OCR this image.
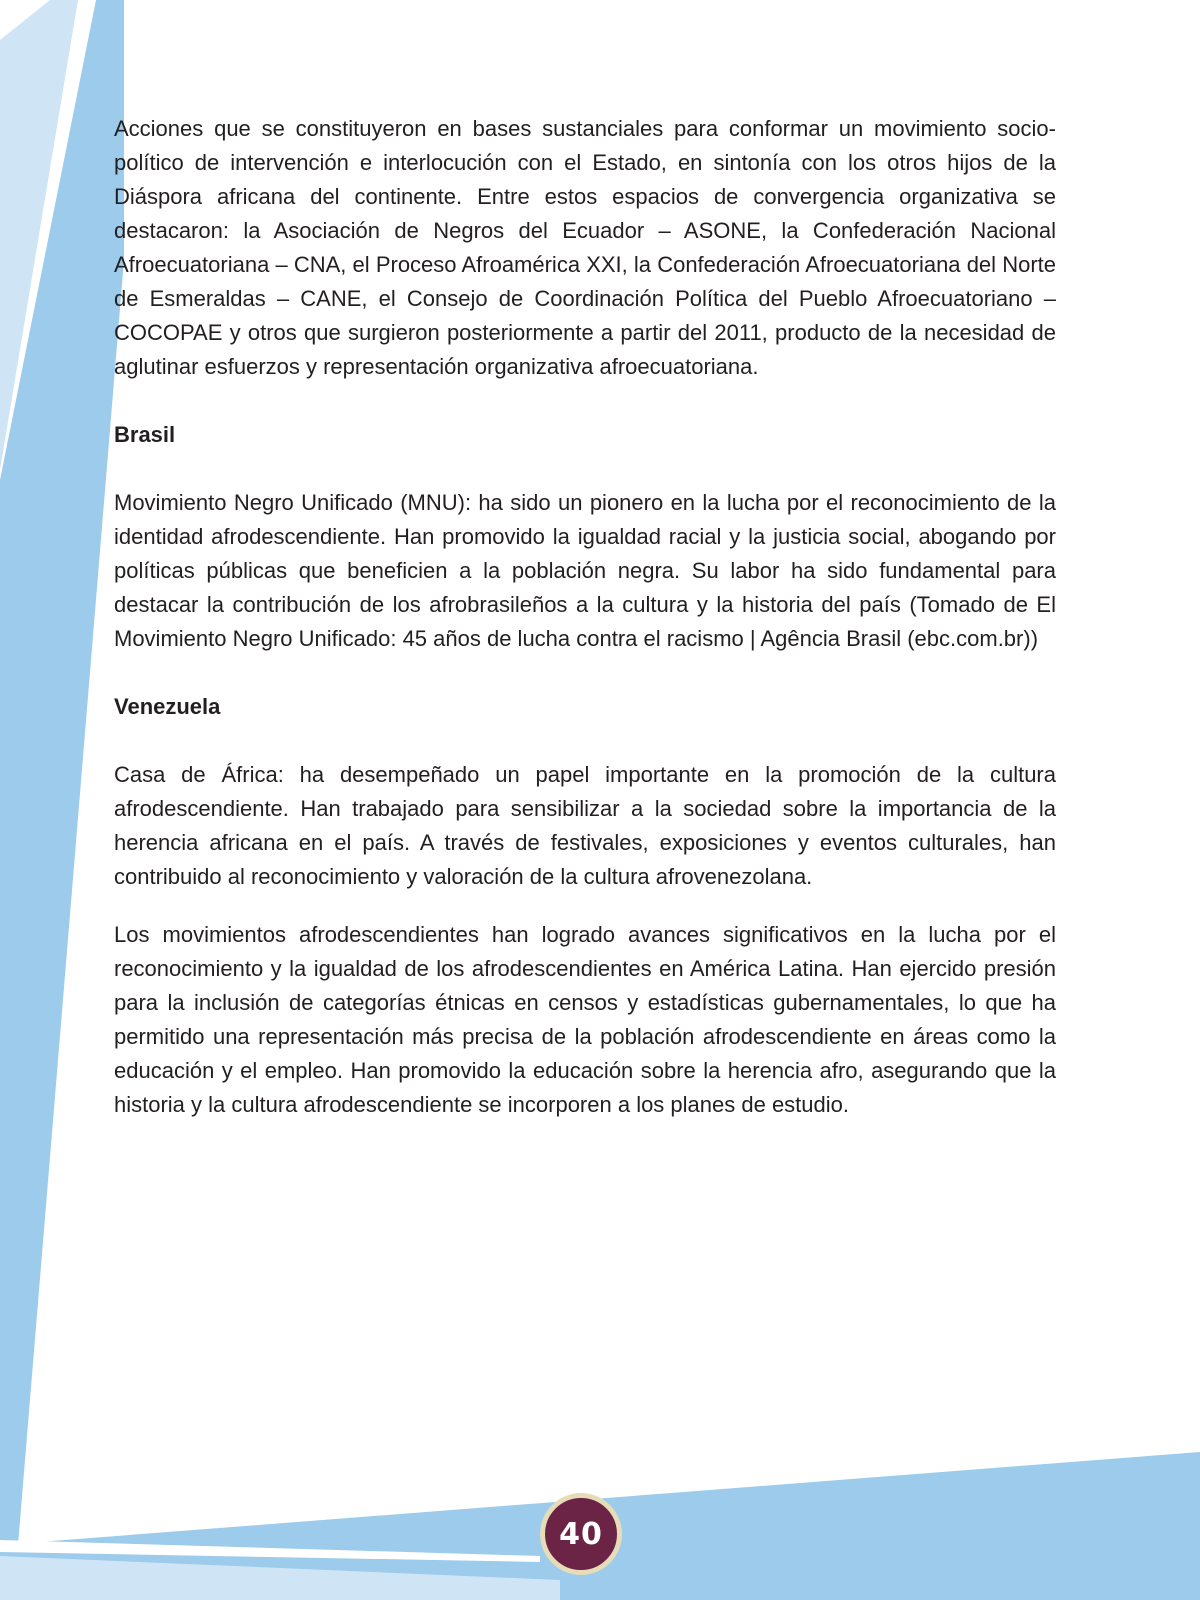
Acciones que se constituyeron en bases sustanciales para conformar un movimiento socio-político de intervención e interlocución con el Estado, en sintonía con los otros hijos de la Diáspora africana del continente. Entre estos espacios de convergencia organizativa se destacaron: la Asociación de Negros del Ecuador – ASONE, la Confederación Nacional Afroecuatoriana – CNA, el Proceso Afroamérica XXI, la Confederación Afroecuatoriana del Norte de Esmeraldas – CANE, el Consejo de Coordinación Política del Pueblo Afroecuatoriano – COCOPAE y otros que surgieron posteriormente a partir del 2011, producto de la necesidad de aglutinar esfuerzos y representación organizativa afroecuatoriana.

Brasil

Movimiento Negro Unificado (MNU): ha sido un pionero en la lucha por el reconocimiento de la identidad afrodescendiente. Han promovido la igualdad racial y la justicia social, abogando por políticas públicas que beneficien a la población negra. Su labor ha sido fundamental para destacar la contribución de los afrobrasileños a la cultura y la historia del país (Tomado de El Movimiento Negro Unificado: 45 años de lucha contra el racismo | Agência Brasil (ebc.com.br))

Venezuela

Casa de África: ha desempeñado un papel importante en la promoción de la cultura afrodescendiente. Han trabajado para sensibilizar a la sociedad sobre la importancia de la herencia africana en el país. A través de festivales, exposiciones y eventos culturales, han contribuido al reconocimiento y valoración de la cultura afrovenezolana.

Los movimientos afrodescendientes han logrado avances significativos en la lucha por el reconocimiento y la igualdad de los afrodescendientes en América Latina. Han ejercido presión para la inclusión de categorías étnicas en censos y estadísticas gubernamentales, lo que ha permitido una representación más precisa de la población afrodescendiente en áreas como la educación y el empleo. Han promovido la educación sobre la herencia afro, asegurando que la historia y la cultura afrodescendiente se incorporen a los planes de estudio.

40
